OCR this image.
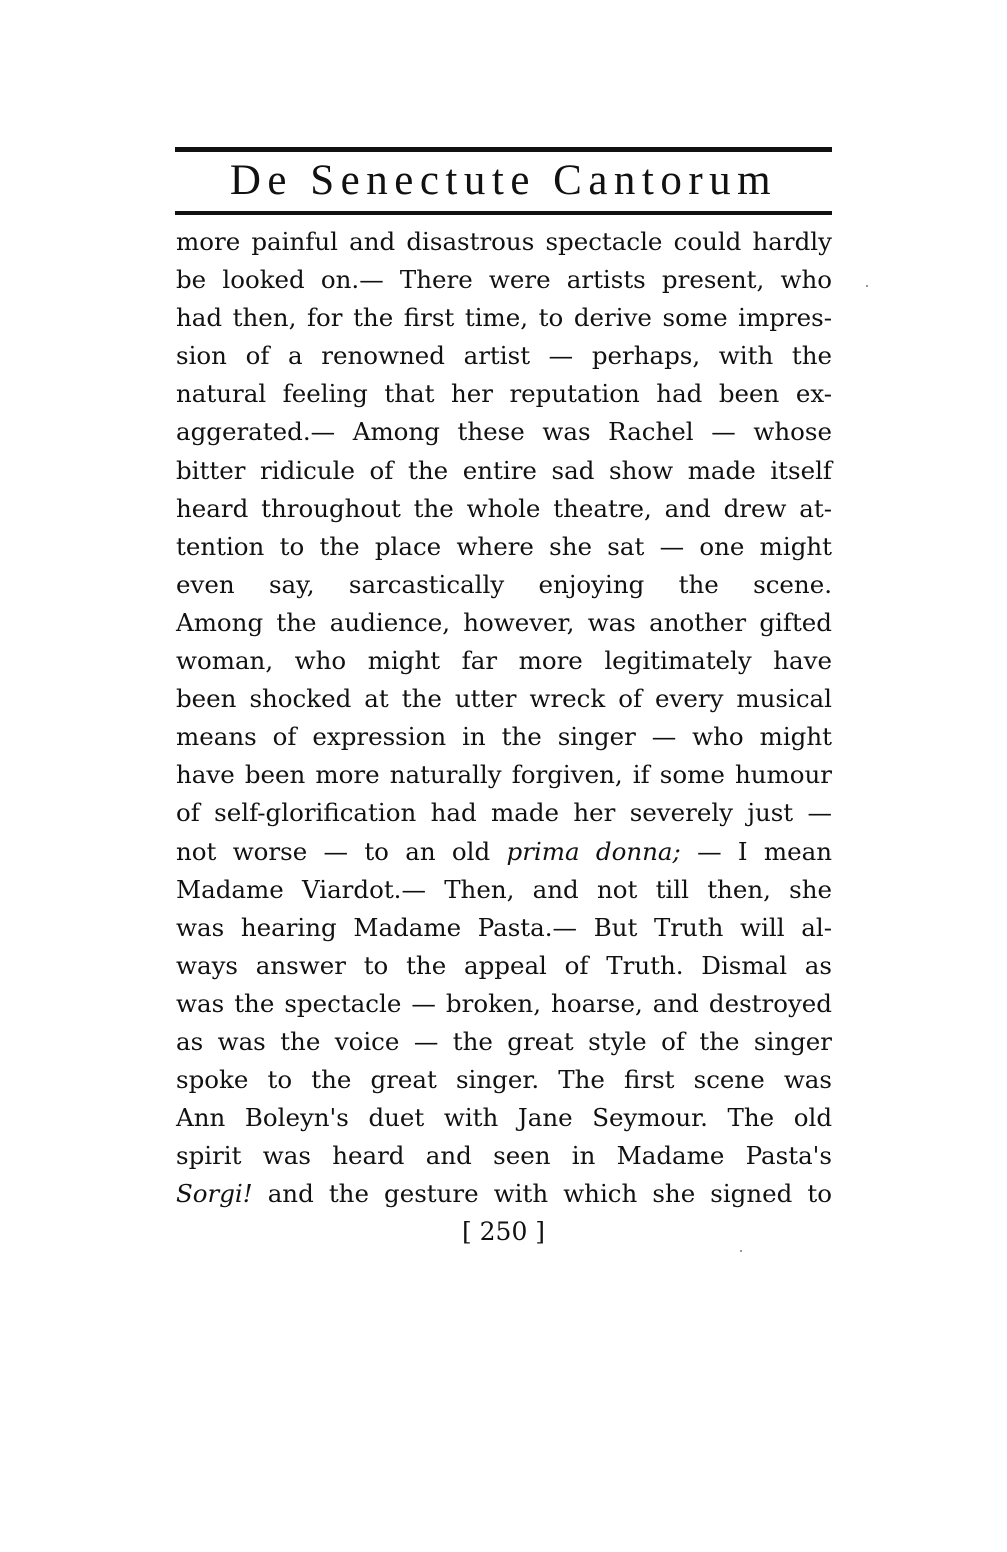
De Senectute Cantorum
more painful and disastrous spectacle could hardly
be looked on.— There were artists present, who
had then, for the first time, to derive some impres-
sion of a renowned artist — perhaps, with the
natural feeling that her reputation had been ex-
aggerated.— Among these was Rachel — whose
bitter ridicule of the entire sad show made itself
heard throughout the whole theatre, and drew at-
tention to the place where she sat — one might
even say, sarcastically enjoying the scene.
Among the audience, however, was another gifted
woman, who might far more legitimately have
been shocked at the utter wreck of every musical
means of expression in the singer — who might
have been more naturally forgiven, if some humour
of self-glorification had made her severely just —
not worse — to an old prima donna; — I mean
Madame Viardot.— Then, and not till then, she
was hearing Madame Pasta.— But Truth will al-
ways answer to the appeal of Truth. Dismal as
was the spectacle — broken, hoarse, and destroyed
as was the voice — the great style of the singer
spoke to the great singer. The first scene was
Ann Boleyn's duet with Jane Seymour. The old
spirit was heard and seen in Madame Pasta's
Sorgi! and the gesture with which she signed to
[ 250 ]
